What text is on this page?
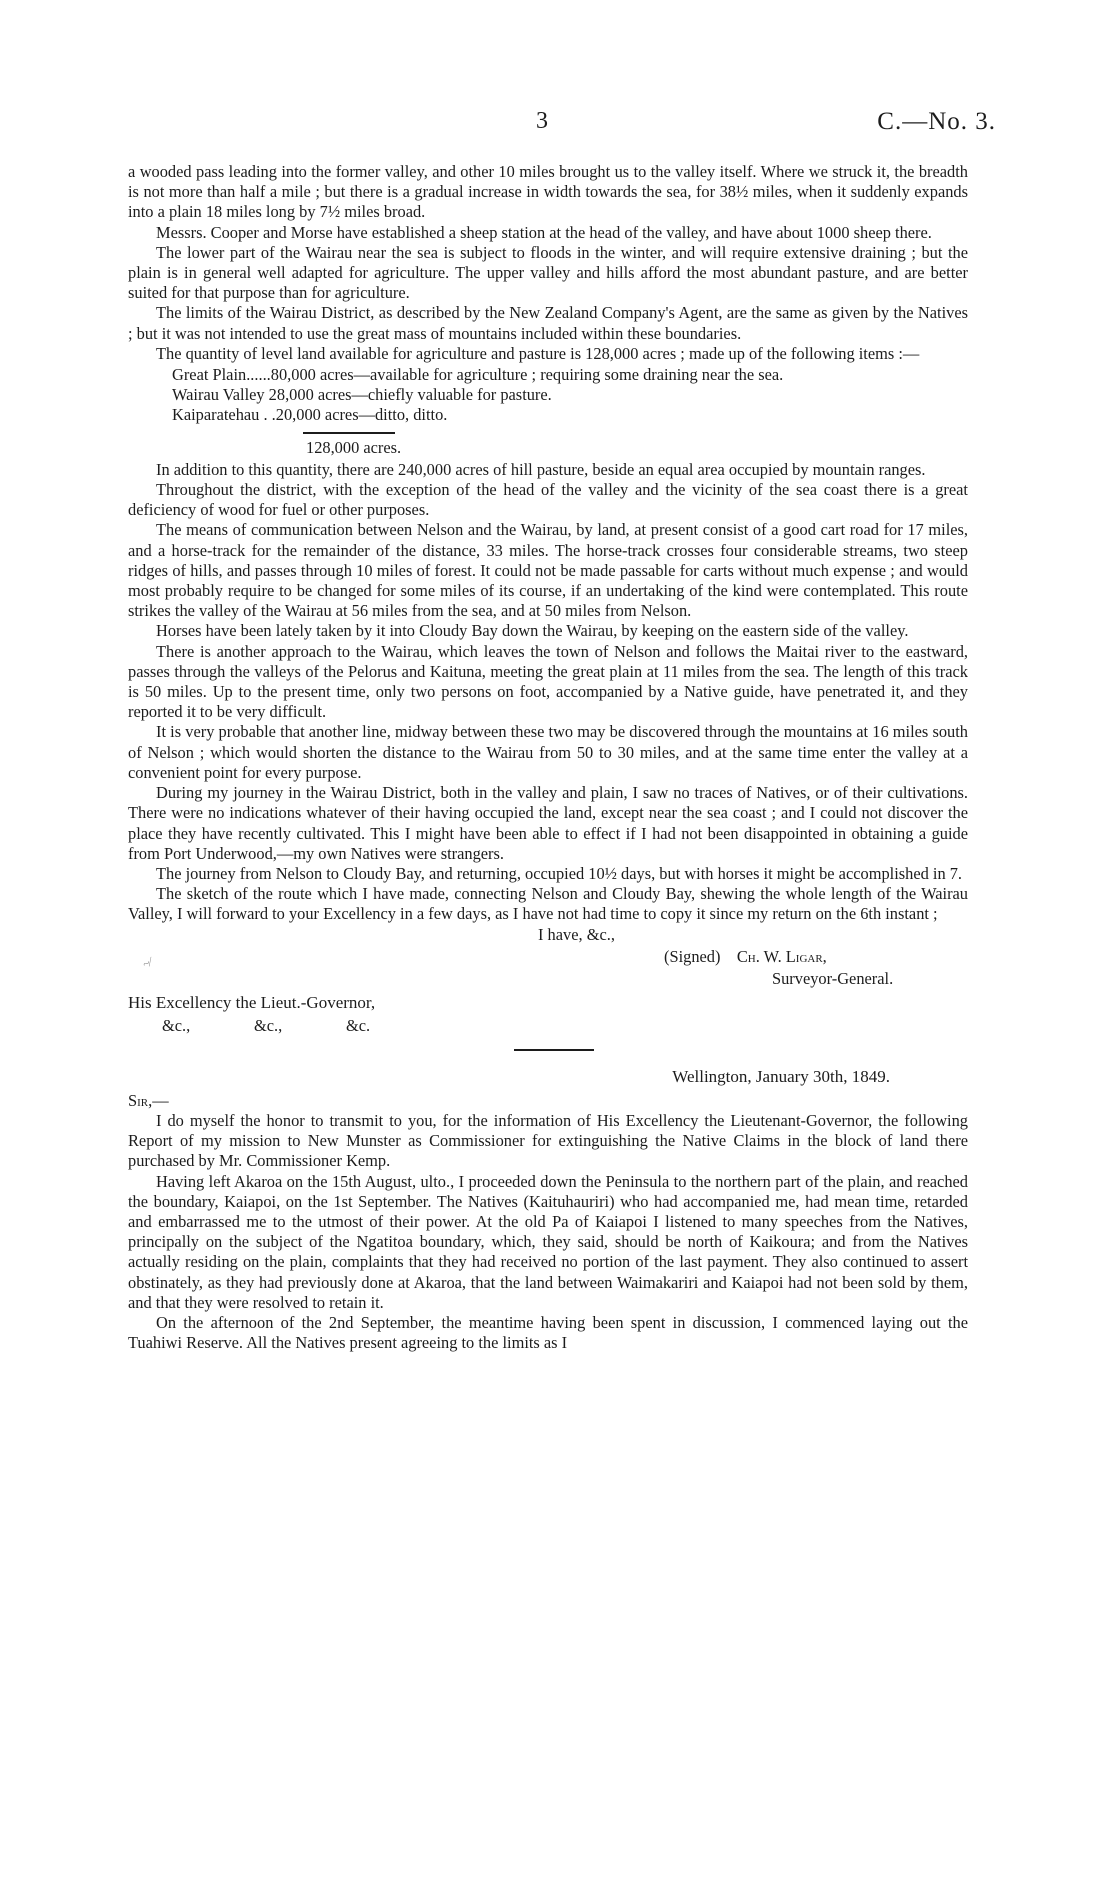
3	C.—No. 3.

a wooded pass leading into the former valley, and other 10 miles brought us to the valley itself. Where we struck it, the breadth is not more than half a mile ; but there is a gradual increase in width towards the sea, for 38½ miles, when it suddenly expands into a plain 18 miles long by 7½ miles broad.

Messrs. Cooper and Morse have established a sheep station at the head of the valley, and have about 1000 sheep there.

The lower part of the Wairau near the sea is subject to floods in the winter, and will require extensive draining ; but the plain is in general well adapted for agriculture. The upper valley and hills afford the most abundant pasture, and are better suited for that purpose than for agriculture.

The limits of the Wairau District, as described by the New Zealand Company's Agent, are the same as given by the Natives ; but it was not intended to use the great mass of mountains included within these boundaries.

The quantity of level land available for agriculture and pasture is 128,000 acres ; made up of the following items :—

Great Plain......80,000 acres—available for agriculture ; requiring some draining near the sea.
Wairau Valley 28,000 acres—chiefly valuable for pasture.
Kaiparatehau . .20,000 acres—ditto, ditto.
128,000 acres.

In addition to this quantity, there are 240,000 acres of hill pasture, beside an equal area occupied by mountain ranges.

Throughout the district, with the exception of the head of the valley and the vicinity of the sea coast there is a great deficiency of wood for fuel or other purposes.

The means of communication between Nelson and the Wairau, by land, at present consist of a good cart road for 17 miles, and a horse-track for the remainder of the distance, 33 miles. The horse-track crosses four considerable streams, two steep ridges of hills, and passes through 10 miles of forest. It could not be made passable for carts without much expense ; and would most probably require to be changed for some miles of its course, if an undertaking of the kind were contemplated. This route strikes the valley of the Wairau at 56 miles from the sea, and at 50 miles from Nelson.

Horses have been lately taken by it into Cloudy Bay down the Wairau, by keeping on the eastern side of the valley.

There is another approach to the Wairau, which leaves the town of Nelson and follows the Maitai river to the eastward, passes through the valleys of the Pelorus and Kaituna, meeting the great plain at 11 miles from the sea. The length of this track is 50 miles. Up to the present time, only two persons on foot, accompanied by a Native guide, have penetrated it, and they reported it to be very difficult.

It is very probable that another line, midway between these two may be discovered through the mountains at 16 miles south of Nelson ; which would shorten the distance to the Wairau from 50 to 30 miles, and at the same time enter the valley at a convenient point for every purpose.

During my journey in the Wairau District, both in the valley and plain, I saw no traces of Natives, or of their cultivations. There were no indications whatever of their having occupied the land, except near the sea coast ; and I could not discover the place they have recently cultivated. This I might have been able to effect if I had not been disappointed in obtaining a guide from Port Underwood,—my own Natives were strangers.

The journey from Nelson to Cloudy Bay, and returning, occupied 10½ days, but with horses it might be accomplished in 7.

The sketch of the route which I have made, connecting Nelson and Cloudy Bay, shewing the whole length of the Wairau Valley, I will forward to your Excellency in a few days, as I have not had time to copy it since my return on the 6th instant ;

I have, &c.,
(Signed) Ch. W. Ligar,
Surveyor-General.
~∕
His Excellency the Lieut.-Governor,
&c.,	&c.,	&c.
Wellington, January 30th, 1849.
Sir,—

I do myself the honor to transmit to you, for the information of His Excellency the Lieutenant-Governor, the following Report of my mission to New Munster as Commissioner for extinguishing the Native Claims in the block of land there purchased by Mr. Commissioner Kemp.

Having left Akaroa on the 15th August, ulto., I proceeded down the Peninsula to the northern part of the plain, and reached the boundary, Kaiapoi, on the 1st September. The Natives (Kaituhauriri) who had accompanied me, had mean time, retarded and embarrassed me to the utmost of their power. At the old Pa of Kaiapoi I listened to many speeches from the Natives, principally on the subject of the Ngatitoa boundary, which, they said, should be north of Kaikoura; and from the Natives actually residing on the plain, complaints that they had received no portion of the last payment. They also continued to assert obstinately, as they had previously done at Akaroa, that the land between Waimakariri and Kaiapoi had not been sold by them, and that they were resolved to retain it.

On the afternoon of the 2nd September, the meantime having been spent in discussion, I commenced laying out the Tuahiwi Reserve. All the Natives present agreeing to the limits as I
